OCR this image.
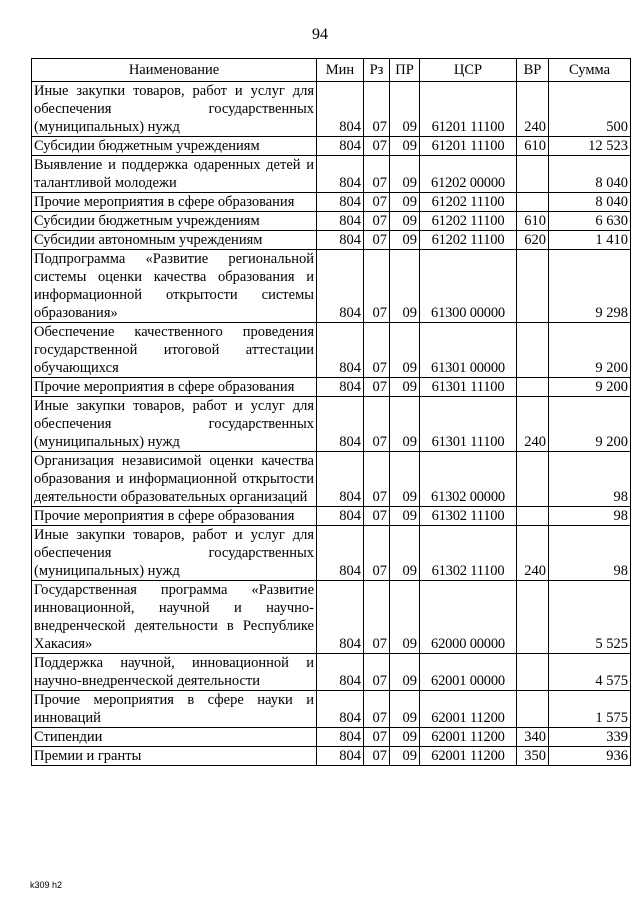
94
Наименование	Мин	Рз	ПР	ЦСР	ВР	Сумма
Иные закупки товаров, работ и услуг для обеспечения государственных (муниципальных) нужд	804	07	09	61201 11100	240	500
Субсидии бюджетным учреждениям	804	07	09	61201 11100	610	12 523
Выявление и поддержка одаренных детей и талантливой молодежи	804	07	09	61202 00000		8 040
Прочие мероприятия в сфере образования	804	07	09	61202 11100		8 040
Субсидии бюджетным учреждениям	804	07	09	61202 11100	610	6 630
Субсидии автономным учреждениям	804	07	09	61202 11100	620	1 410
Подпрограмма «Развитие региональной системы оценки качества образования и информационной открытости системы образования»	804	07	09	61300 00000		9 298
Обеспечение качественного проведения государственной итоговой аттестации обучающихся	804	07	09	61301 00000		9 200
Прочие мероприятия в сфере образования	804	07	09	61301 11100		9 200
Иные закупки товаров, работ и услуг для обеспечения государственных (муниципальных) нужд	804	07	09	61301 11100	240	9 200
Организация независимой оценки качества образования и информационной открытости деятельности образовательных организаций	804	07	09	61302 00000		98
Прочие мероприятия в сфере образования	804	07	09	61302 11100		98
Иные закупки товаров, работ и услуг для обеспечения государственных (муниципальных) нужд	804	07	09	61302 11100	240	98
Государственная программа «Развитие инновационной, научной и научно-внедренческой деятельности в Республике Хакасия»	804	07	09	62000 00000		5 525
Поддержка научной, инновационной и научно-внедренческой деятельности	804	07	09	62001 00000		4 575
Прочие мероприятия в сфере науки и инноваций	804	07	09	62001 11200		1 575
Стипендии	804	07	09	62001 11200	340	339
Премии и гранты	804	07	09	62001 11200	350	936
k309 h2
